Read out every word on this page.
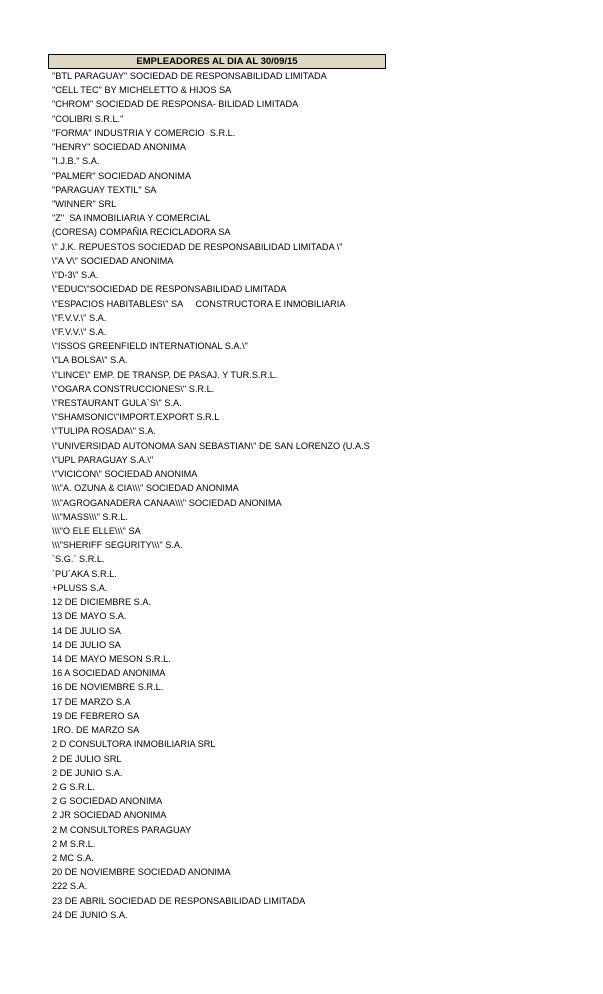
EMPLEADORES AL DIA AL 30/09/15
"BTL PARAGUAY" SOCIEDAD DE RESPONSABILIDAD LIMITADA
"CELL TEC" BY MICHELETTO & HIJOS SA
"CHROM" SOCIEDAD DE RESPONSA- BILIDAD LIMITADA
"COLIBRI S.R.L."
"FORMA" INDUSTRIA Y COMERCIO  S.R.L.
"HENRY" SOCIEDAD ANONIMA
"I.J.B." S.A.
"PALMER" SOCIEDAD ANONIMA
"PARAGUAY TEXTIL" SA
"WINNER" SRL
"Z"  SA INMOBILIARIA Y COMERCIAL
(CORESA) COMPAÑIA RECICLADORA SA
\" J.K. REPUESTOS SOCIEDAD DE RESPONSABILIDAD LIMITADA \"
\"A V\" SOCIEDAD ANONIMA
\"D-3\" S.A.
\"EDUC\"SOCIEDAD DE RESPONSABILIDAD LIMITADA
\"ESPACIOS HABITABLES\" SA     CONSTRUCTORA E INMOBILIARIA
\"F.V.V.\" S.A.
\"F.V.V.\" S.A.
\"ISSOS GREENFIELD INTERNATIONAL S.A.\"
\"LA BOLSA\" S.A.
\"LINCE\" EMP. DE TRANSP. DE PASAJ. Y TUR.S.R.L.
\"OGARA CONSTRUCCIONES\" S.R.L.
\"RESTAURANT GULA`S\" S.A.
\"SHAMSONIC\"IMPORT.EXPORT S.R.L
\"TULIPA ROSADA\" S.A.
\"UNIVERSIDAD AUTONOMA SAN SEBASTIAN\" DE SAN LORENZO (U.A.S
\"UPL PARAGUAY S.A.\"
\"VICICON\" SOCIEDAD ANONIMA
\\\"A. OZUNA & CIA\\\" SOCIEDAD ANONIMA
\\\"AGROGANADERA CANAA\\\" SOCIEDAD ANONIMA
\\\"MASS\\\" S.R.L.
\\\"O ELE ELLE\\\" SA
\\\"SHERIFF SEGURITY\\\" S.A.
`S.G.` S.R.L.
´PU´AKA S.R.L.
+PLUSS S.A.
12 DE DICIEMBRE S.A.
13 DE MAYO S.A.
14 DE JULIO SA
14 DE JULIO SA
14 DE MAYO MESON S.R.L.
16 A SOCIEDAD ANONIMA
16 DE NOVIEMBRE S.R.L.
17 DE MARZO S.A
19 DE FEBRERO SA
1RO. DE MARZO SA
2 D CONSULTORA INMOBILIARIA SRL
2 DE JULIO SRL
2 DE JUNIO S.A.
2 G S.R.L.
2 G SOCIEDAD ANONIMA
2 JR SOCIEDAD ANONIMA
2 M CONSULTORES PARAGUAY
2 M S.R.L.
2 MC S.A.
20 DE NOVIEMBRE SOCIEDAD ANONIMA
222 S.A.
23 DE ABRIL SOCIEDAD DE RESPONSABILIDAD LIMITADA
24 DE JUNIO S.A.
